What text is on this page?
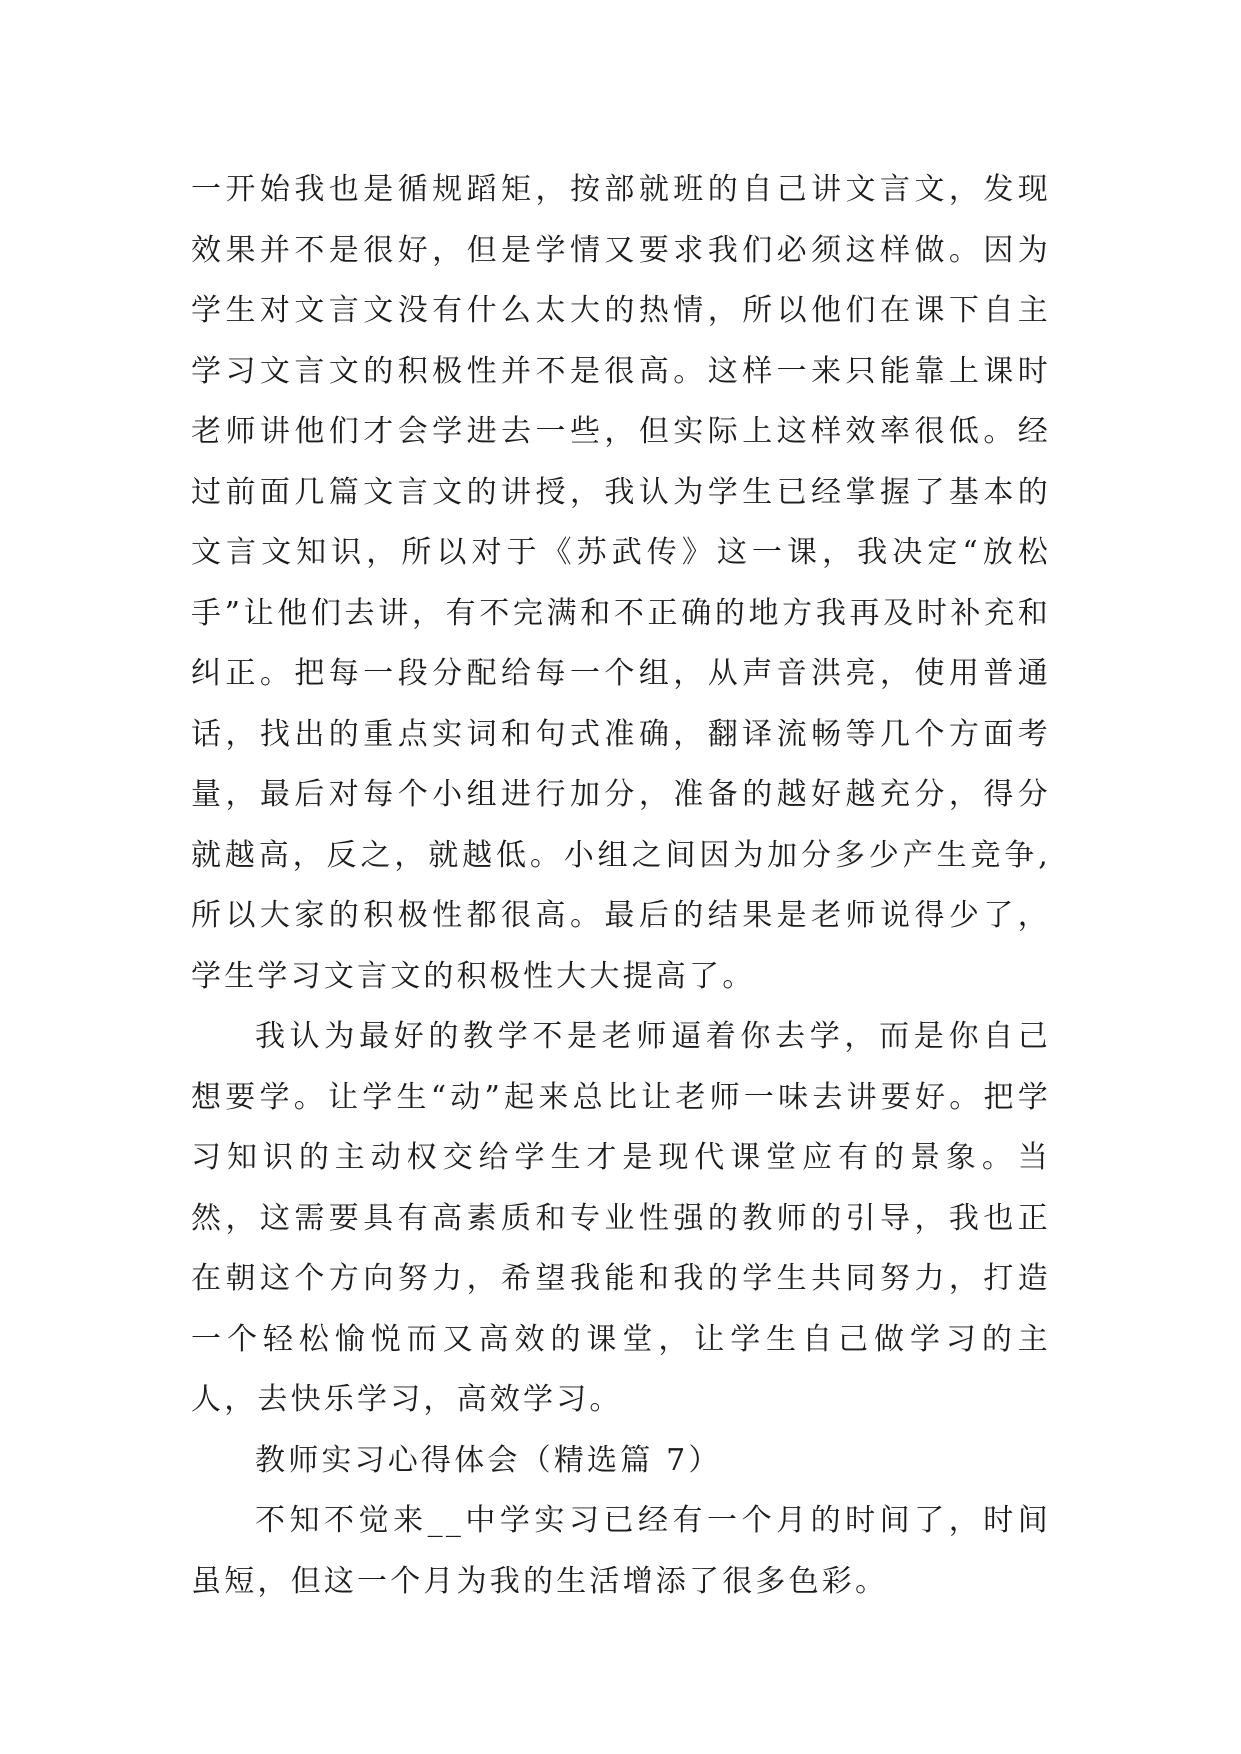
一开始我也是循规蹈矩，按部就班的自己讲文言文，发现效果并不是很好，但是学情又要求我们必须这样做。因为学生对文言文没有什么太大的热情，所以他们在课下自主学习文言文的积极性并不是很高。这样一来只能靠上课时老师讲他们才会学进去一些，但实际上这样效率很低。经过前面几篇文言文的讲授，我认为学生已经掌握了基本的文言文知识，所以对于《苏武传》这一课，我决定“放松手”让他们去讲，有不完满和不正确的地方我再及时补充和纠正。把每一段分配给每一个组，从声音洪亮，使用普通话，找出的重点实词和句式准确，翻译流畅等几个方面考量，最后对每个小组进行加分，准备的越好越充分，得分就越高，反之，就越低。小组之间因为加分多少产生竞争,所以大家的积极性都很高。最后的结果是老师说得少了，学生学习文言文的积极性大大提高了。

我认为最好的教学不是老师逼着你去学，而是你自己想要学。让学生“动”起来总比让老师一味去讲要好。把学习知识的主动权交给学生才是现代课堂应有的景象。当然，这需要具有高素质和专业性强的教师的引导，我也正在朝这个方向努力，希望我能和我的学生共同努力，打造一个轻松愉悦而又高效的课堂，让学生自己做学习的主人，去快乐学习，高效学习。

教师实习心得体会（精选篇 7）

不知不觉来__中学实习已经有一个月的时间了，时间虽短，但这一个月为我的生活增添了很多色彩。
